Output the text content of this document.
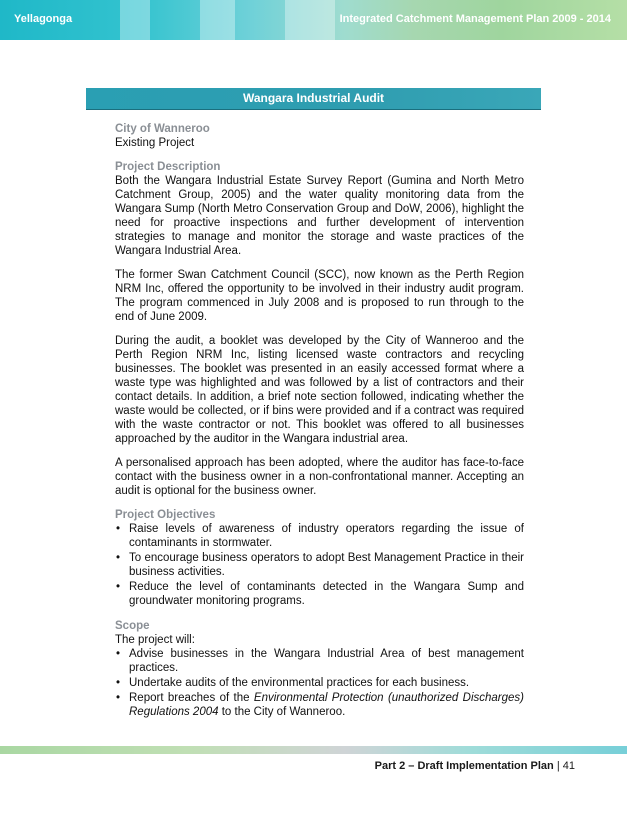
Yellagonga	Integrated Catchment Management Plan 2009 - 2014
Wangara Industrial Audit
City of Wanneroo
Existing Project
Project Description

Both the Wangara Industrial Estate Survey Report (Gumina and North Metro Catchment Group, 2005) and the water quality monitoring data from the Wangara Sump (North Metro Conservation Group and DoW, 2006), highlight the need for proactive inspections and further development of intervention strategies to manage and monitor the storage and waste practices of the Wangara Industrial Area.

The former Swan Catchment Council (SCC), now known as the Perth Region NRM Inc, offered the opportunity to be involved in their industry audit program. The program commenced in July 2008 and is proposed to run through to the end of June 2009.

During the audit, a booklet was developed by the City of Wanneroo and the Perth Region NRM Inc, listing licensed waste contractors and recycling businesses. The booklet was presented in an easily accessed format where a waste type was highlighted and was followed by a list of contractors and their contact details. In addition, a brief note section followed, indicating whether the waste would be collected, or if bins were provided and if a contract was required with the waste contractor or not. This booklet was offered to all businesses approached by the auditor in the Wangara industrial area.

A personalised approach has been adopted, where the auditor has face-to-face contact with the business owner in a non-confrontational manner. Accepting an audit is optional for the business owner.

Project Objectives
• Raise levels of awareness of industry operators regarding the issue of contaminants in stormwater.
• To encourage business operators to adopt Best Management Practice in their business activities.
• Reduce the level of contaminants detected in the Wangara Sump and groundwater monitoring programs.
Scope
The project will:
• Advise businesses in the Wangara Industrial Area of best management practices.
• Undertake audits of the environmental practices for each business.
• Report breaches of the Environmental Protection (unauthorized Discharges) Regulations 2004 to the City of Wanneroo.
Part 2 – Draft Implementation Plan | 41
